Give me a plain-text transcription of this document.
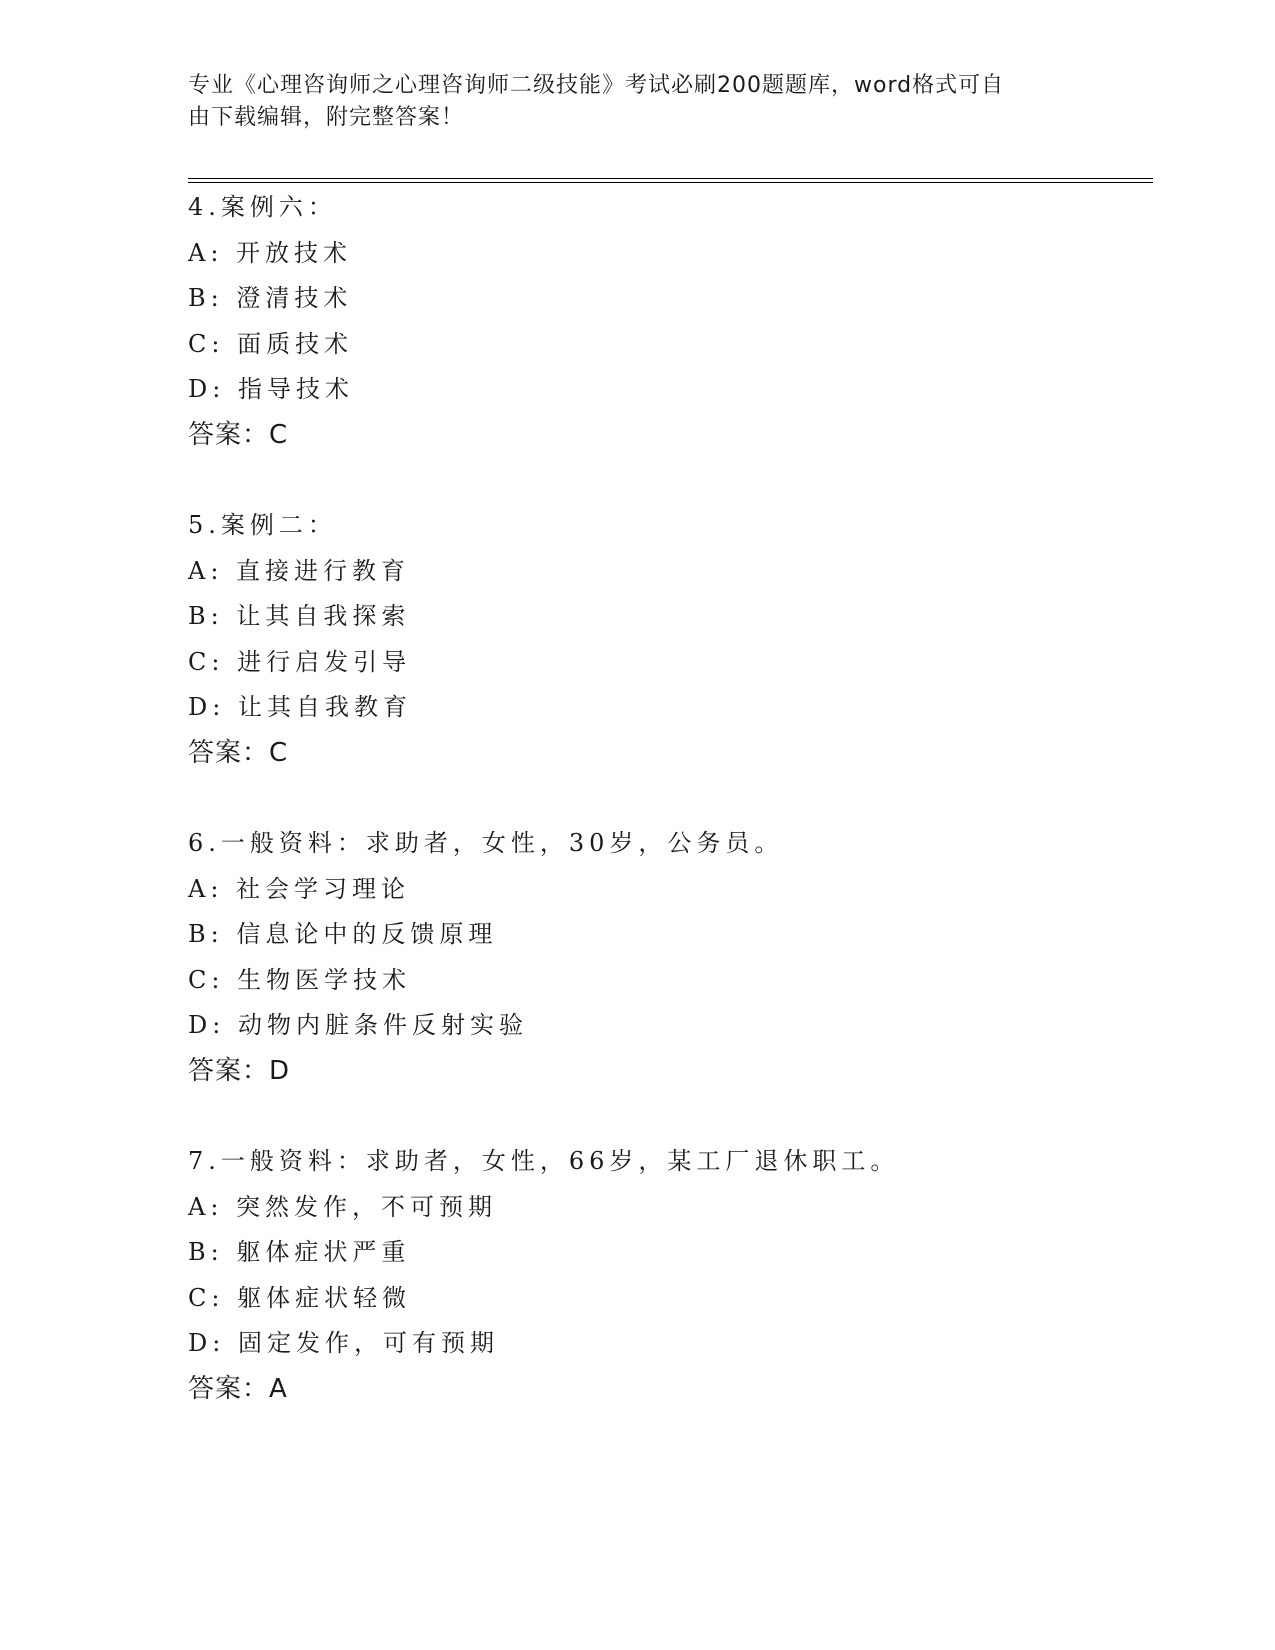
专业《心理咨询师之心理咨询师二级技能》考试必刷200题题库，word格式可自
由下载编辑，附完整答案！
4.案例六：
A: 开放技术
B: 澄清技术
C: 面质技术
D: 指导技术
答案：C
5.案例二：
A: 直接进行教育
B: 让其自我探索
C: 进行启发引导
D: 让其自我教育
答案：C
6.一般资料：求助者，女性，30岁，公务员。
A: 社会学习理论
B: 信息论中的反馈原理
C: 生物医学技术
D: 动物内脏条件反射实验
答案：D
7.一般资料：求助者，女性，66岁，某工厂退休职工。
A: 突然发作，不可预期
B: 躯体症状严重
C: 躯体症状轻微
D: 固定发作，可有预期
答案：A
